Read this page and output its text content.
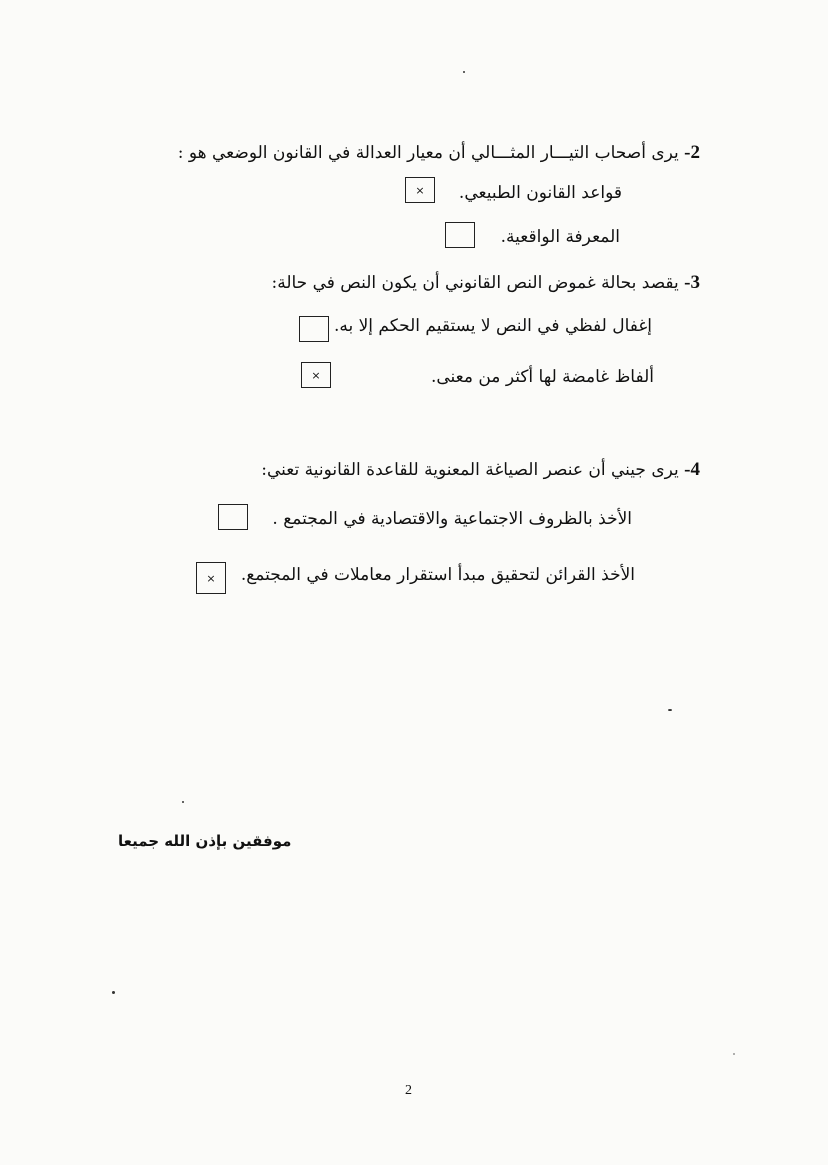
2- يرى أصحاب التيـــار المثـــالي أن معيار العدالة في القانون الوضعي هو :
قواعد القانون الطبيعي.
×
المعرفة الواقعية.
3- يقصد بحالة غموض النص القانوني أن يكون النص في حالة:
إغفال لفظي في النص لا يستقيم الحكم إلا به.
ألفاظ غامضة لها أكثر من معنى.
×
4- يرى جيني أن عنصر الصياغة المعنوية للقاعدة القانونية تعني:
الأخذ بالظروف الاجتماعية والاقتصادية في المجتمع .
الأخذ القرائن لتحقيق مبدأ استقرار معاملات في المجتمع.
×
موفقين بإذن الله جميعا
2
